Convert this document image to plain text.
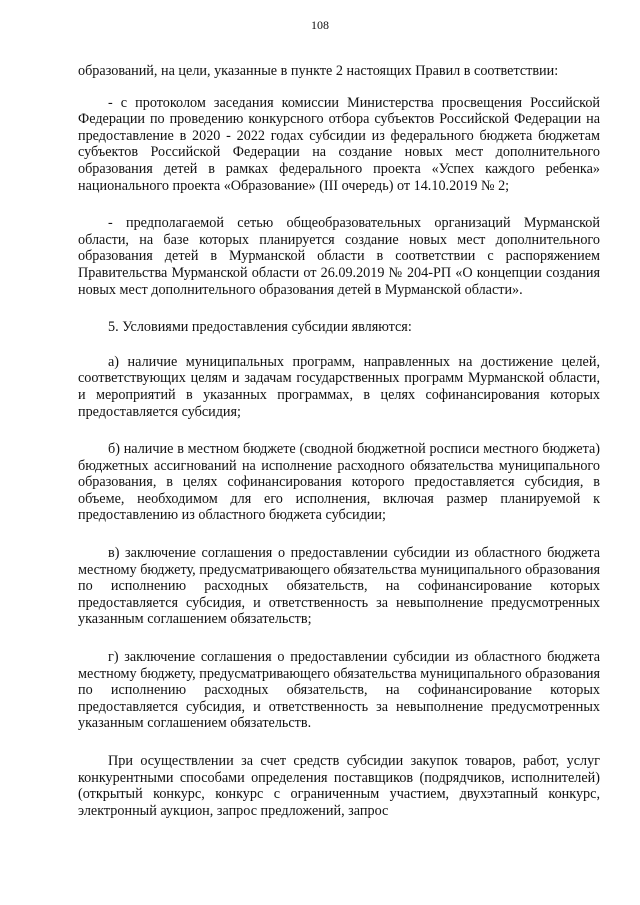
108

образований, на цели, указанные в пункте 2 настоящих Правил в соответствии:

- с протоколом заседания комиссии Министерства просвещения Российской Федерации по проведению конкурсного отбора субъектов Российской Федерации на предоставление в 2020 - 2022 годах субсидии из федерального бюджета бюджетам субъектов Российской Федерации на создание новых мест дополнительного образования детей в рамках федерального проекта «Успех каждого ребенка» национального проекта «Образование» (III очередь) от 14.10.2019 № 2;

- предполагаемой сетью общеобразовательных организаций Мурманской области, на базе которых планируется создание новых мест дополнительного образования детей в Мурманской области в соответствии с распоряжением Правительства Мурманской области от 26.09.2019 № 204-РП «О концепции создания новых мест дополнительного образования детей в Мурманской области».

5. Условиями предоставления субсидии являются:

а) наличие муниципальных программ, направленных на достижение целей, соответствующих целям и задачам государственных программ Мурманской области, и мероприятий в указанных программах, в целях софинансирования которых предоставляется субсидия;

б) наличие в местном бюджете (сводной бюджетной росписи местного бюджета) бюджетных ассигнований на исполнение расходного обязательства муниципального образования, в целях софинансирования которого предоставляется субсидия, в объеме, необходимом для его исполнения, включая размер планируемой к предоставлению из областного бюджета субсидии;

в) заключение соглашения о предоставлении субсидии из областного бюджета местному бюджету, предусматривающего обязательства муниципального образования по исполнению расходных обязательств, на софинансирование которых предоставляется субсидия, и ответственность за невыполнение предусмотренных указанным соглашением обязательств;

г) заключение соглашения о предоставлении субсидии из областного бюджета местному бюджету, предусматривающего обязательства муниципального образования по исполнению расходных обязательств, на софинансирование которых предоставляется субсидия, и ответственность за невыполнение предусмотренных указанным соглашением обязательств.

При осуществлении за счет средств субсидии закупок товаров, работ, услуг конкурентными способами определения поставщиков (подрядчиков, исполнителей) (открытый конкурс, конкурс с ограниченным участием, двухэтапный конкурс, электронный аукцион, запрос предложений, запрос
